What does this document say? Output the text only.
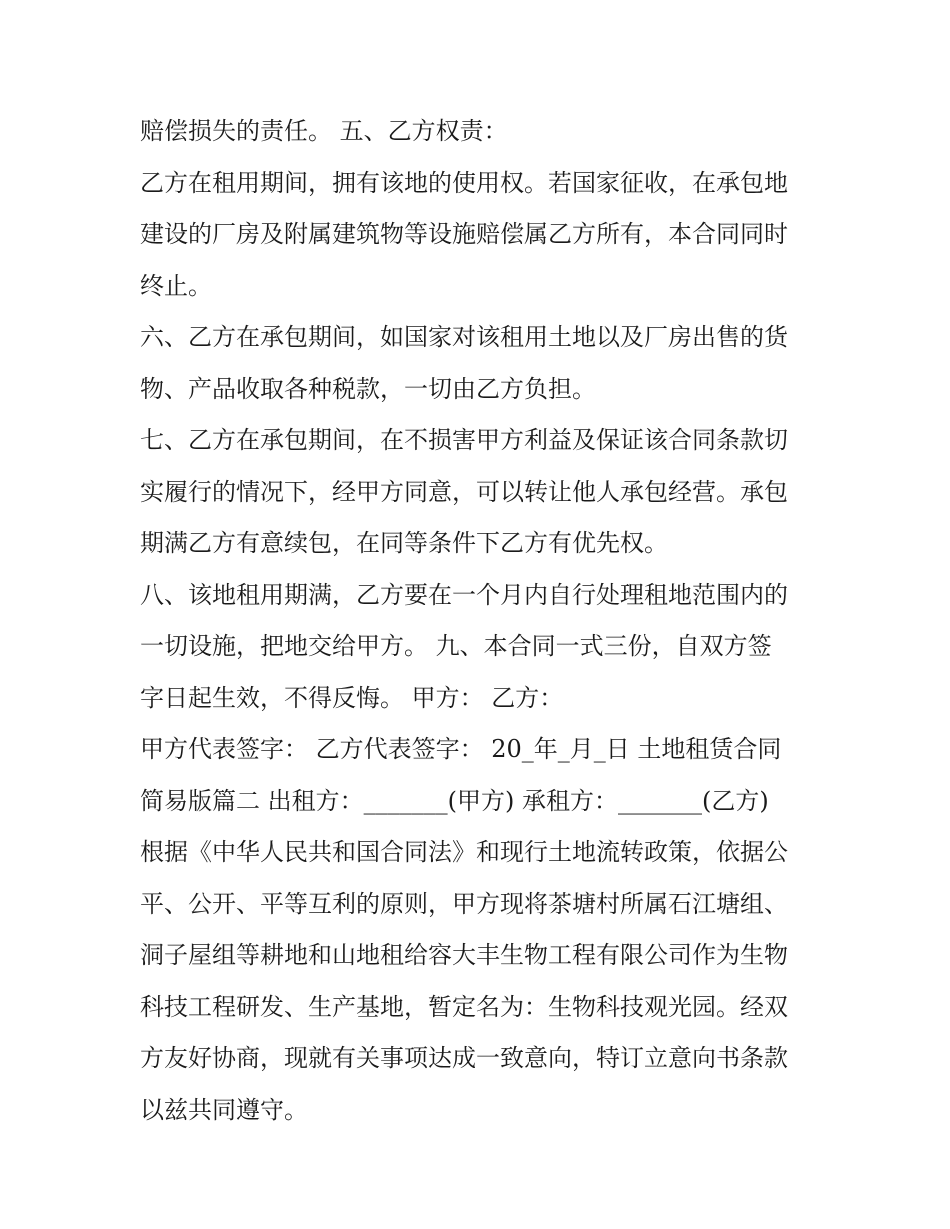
赔偿损失的责任。 五、乙方权责：
乙方在租用期间，拥有该地的使用权。若国家征收，在承包地
建设的厂房及附属建筑物等设施赔偿属乙方所有，本合同同时
终止。
六、乙方在承包期间，如国家对该租用土地以及厂房出售的货
物、产品收取各种税款，一切由乙方负担。
七、乙方在承包期间，在不损害甲方利益及保证该合同条款切
实履行的情况下，经甲方同意，可以转让他人承包经营。承包
期满乙方有意续包，在同等条件下乙方有优先权。
八、该地租用期满，乙方要在一个月内自行处理租地范围内的
一切设施，把地交给甲方。 九、本合同一式三份，自双方签
字日起生效，不得反悔。 甲方： 乙方：
甲方代表签字： 乙方代表签字： 20_年_月_日 土地租赁合同
简易版篇二 出租方：_______(甲方) 承租方：_______(乙方)
根据《中华人民共和国合同法》和现行土地流转政策，依据公
平、公开、平等互利的原则，甲方现将茶塘村所属石江塘组、
洞子屋组等耕地和山地租给容大丰生物工程有限公司作为生物
科技工程研发、生产基地，暂定名为：生物科技观光园。经双
方友好协商，现就有关事项达成一致意向，特订立意向书条款
以兹共同遵守。
